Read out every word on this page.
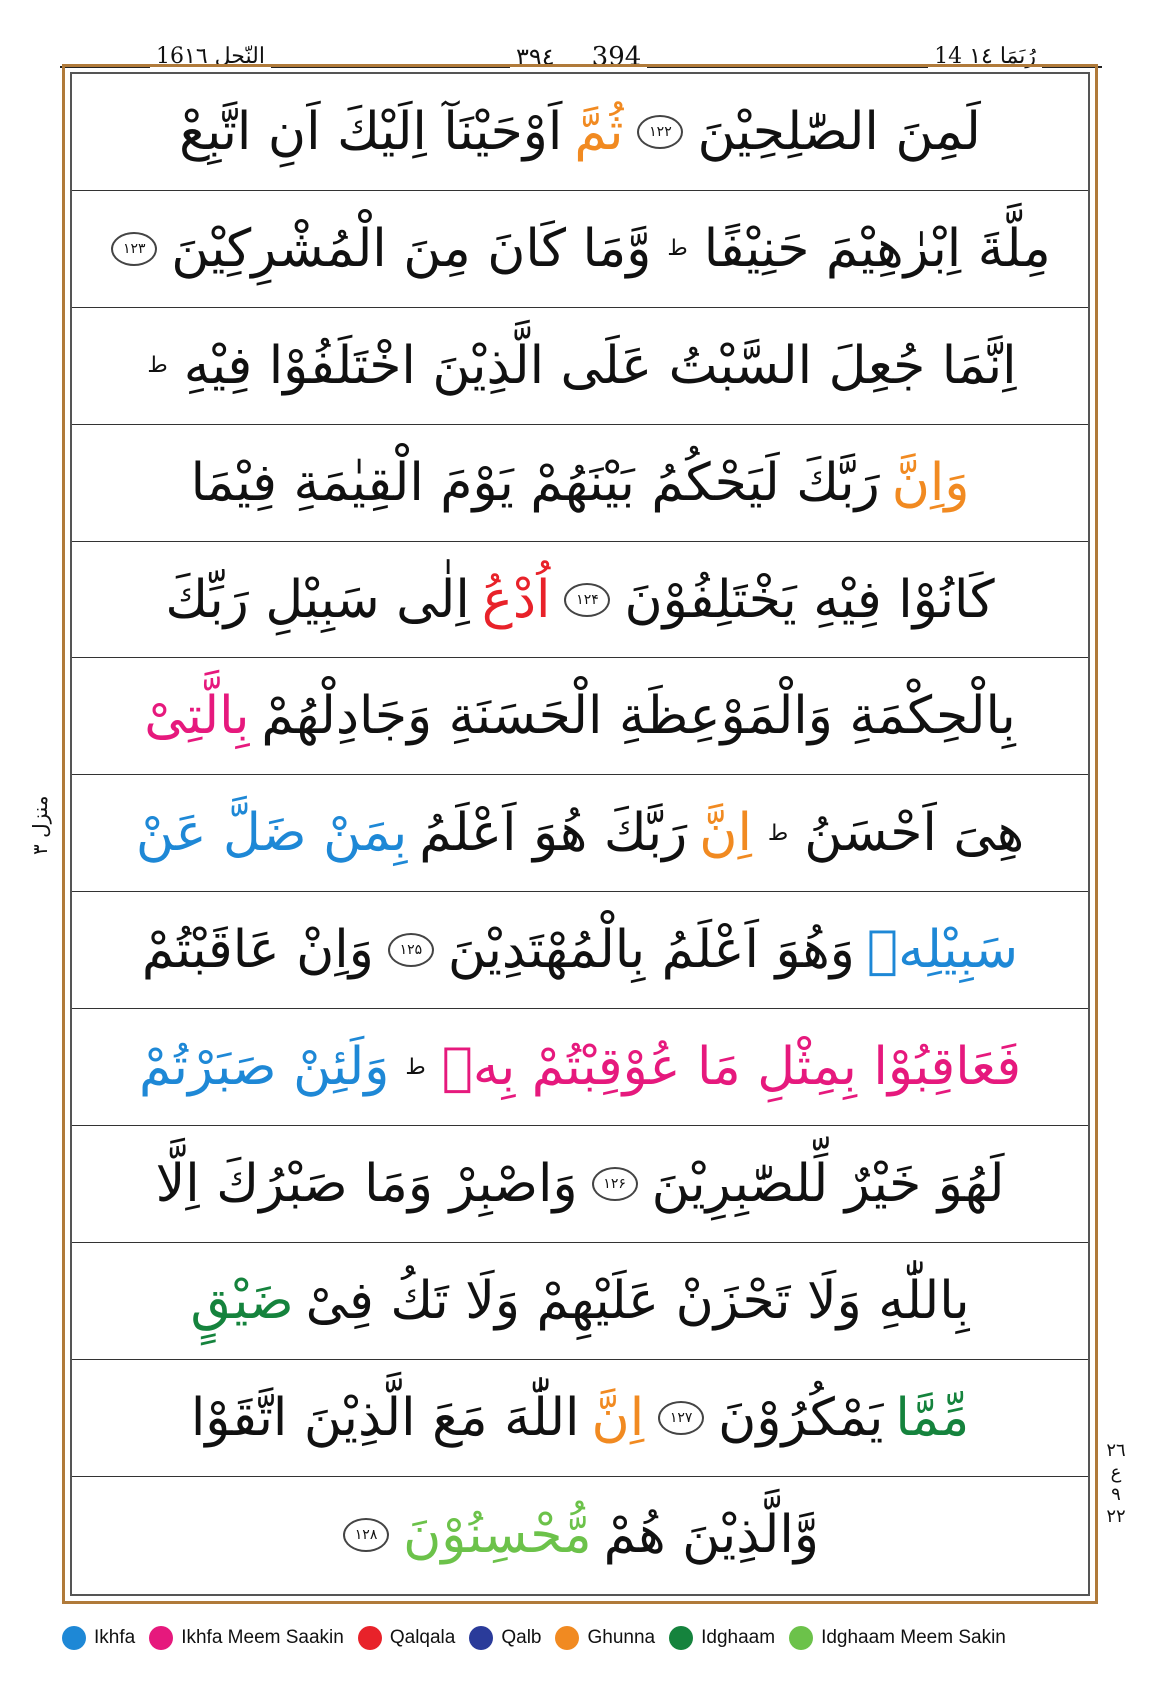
16النّحل ١٦	٣٩٤ 394	14 رُبَمَا ١٤
لَمِنَ الصّٰلِحِيْنَ
۱۲۲
ثُمَّ
اَوْحَيْنَآ اِلَيْكَ اَنِ اتَّبِعْ
مِلَّةَ اِبْرٰهِيْمَ حَنِيْفًا
ط
وَّمَا كَانَ مِنَ الْمُشْرِكِيْنَ
۱۲۳
اِنَّمَا جُعِلَ السَّبْتُ عَلَى الَّذِيْنَ اخْتَلَفُوْا فِيْهِ
ط
وَاِنَّ
رَبَّكَ لَيَحْكُمُ بَيْنَهُمْ يَوْمَ الْقِيٰمَةِ فِيْمَا
كَانُوْا فِيْهِ يَخْتَلِفُوْنَ
۱۲۴
اُدْعُ
اِلٰى سَبِيْلِ رَبِّكَ
بِالْحِكْمَةِ وَالْمَوْعِظَةِ الْحَسَنَةِ وَجَادِلْهُمْ
بِالَّتِىْ
هِىَ اَحْسَنُ
ط
اِنَّ
رَبَّكَ هُوَ اَعْلَمُ
بِمَنْ ضَلَّ عَنْ
سَبِيْلِهٖ
وَهُوَ اَعْلَمُ بِالْمُهْتَدِيْنَ
۱۲۵
وَاِنْ عَاقَبْتُمْ
فَعَاقِبُوْا بِمِثْلِ مَا عُوْقِبْتُمْ بِهٖ
ط
وَلَئِنْ صَبَرْتُمْ
لَهُوَ خَيْرٌ لِّلصّٰبِرِيْنَ
۱۲۶
وَاصْبِرْ وَمَا صَبْرُكَ اِلَّا
بِاللّٰهِ وَلَا تَحْزَنْ عَلَيْهِمْ وَلَا تَكُ فِىْ
ضَيْقٍ
مِّمَّا
يَمْكُرُوْنَ
۱۲۷
اِنَّ
اللّٰهَ مَعَ الَّذِيْنَ اتَّقَوْا
وَّالَّذِيْنَ هُمْ
مُّحْسِنُوْنَ
۱۲۸
منزل ٣
٢٦
ع
٩
٢٢
Ikhfa Ikhfa Meem Saakin Qalqala Qalb Ghunna Idghaam Idghaam Meem Sakin
